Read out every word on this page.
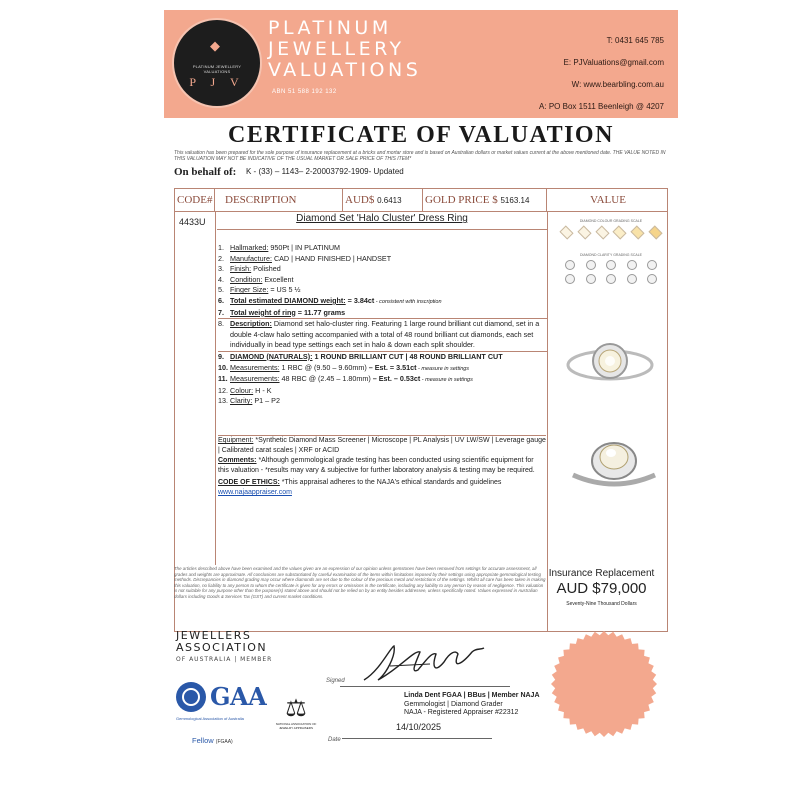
◆
PLATINUM JEWELLERY VALUATIONS
P J V
PLATINUM
JEWELLERY
VALUATIONS
ABN 51 588 192 132
T: 0431 645 785
E: PJValuations@gmail.com
W: www.bearbling.com.au
A: PO Box 1511 Beenleigh @ 4207
CERTIFICATE OF VALUATION
This valuation has been prepared for the sole purpose of insurance replacement at a bricks and mortar store and is based on Australian dollars or market values current at the above mentioned date. THE VALUE NOTED IN THIS VALUATION MAY NOT BE INDICATIVE OF THE USUAL MARKET OR SALE PRICE OF THIS ITEM*
On behalf of: K - (33) – 1143– 2-20003792-1909- Updated
CODE#	DESCRIPTION	AUD$ 0.6413	GOLD PRICE $ 5163.14	VALUE
4433U	Diamond Set 'Halo Cluster' Dress Ring
1. Hallmarked: 950Pt | IN PLATINUM
2. Manufacture: CAD | HAND FINISHED | HANDSET
3. Finish: Polished
4. Condition: Excellent
5. Finger Size: = US 5 ½
6. Total estimated DIAMOND weight: = 3.84ct - consistent with inscription
7. Total weight of ring = 11.77 grams
8. Description: Diamond set halo-cluster ring. Featuring 1 large round brilliant cut diamond, set in a double 4-claw halo setting accompanied with a total of 48 round brilliant cut diamonds, each set individually in bead type settings each set in halo & down each split shoulder.
9. DIAMOND (NATURALS): 1 ROUND BRILLIANT CUT | 48 ROUND BRILLIANT CUT
10. Measurements: 1 RBC @ (9.50 – 9.60mm) – Est. = 3.51ct - measure in settings
11. Measurements: 48 RBC @ (2.45 – 1.80mm) – Est. – 0.53ct - measure in settings
12. Colour: H - K
13. Clarity: P1 – P2
Equipment: *Synthetic Diamond Mass Screener | Microscope | PL Analysis | UV LW/SW | Leverage gauge | Calibrated carat scales | XRF or ACID
Comments: *Although gemmological grade testing has been conducted using scientific equipment for this valuation - *results may vary & subjective for further laboratory analysis & testing may be required.
CODE OF ETHICS: *This appraisal adheres to the NAJA's ethical standards and guidelines
www.najaappraiser.com
DIAMOND COLOUR GRADING SCALE
DIAMOND CLARITY GRADING SCALE
The articles described above have been examined and the values given are an expression of our opinion unless gemstones have been removed from settings for accurate assessment, all grades and weights are approximate. All conclusions are substantiated by careful examination of the items within limitations imposed by their settings using appropriate gemmological testing methods. Discrepancies in diamond grading may occur where diamonds are set due to the colour of the precious metal and restrictions of the settings. Whilst all care has been taken in making this valuation, no liability to any person to whom the certificate is given for any errors or omissions in the certificate, including any liability to any person by reason of negligence. This valuation is not suitable for any purpose other than the purpose(s) stated above and should not be relied on by an entity besides addressee, unless specifically noted. Values expressed in Australian dollars including Goods & Services Tax (GST) and current market conditions.
Insurance Replacement
AUD $79,000
Seventy-Nine Thousand Dollars
JEWELLERS
ASSOCIATION
OF AUSTRALIA | MEMBER
GAA
Gemmological Association of Australia
Fellow (FGAA)
⚖
NATIONAL ASSOCIATION OF JEWELRY APPRAISERS
Signed
Linda Dent FGAA | BBus | Member NAJA
Gemmologist | Diamond Grader
NAJA - Registered Appraiser #22312
Date
14/10/2025
